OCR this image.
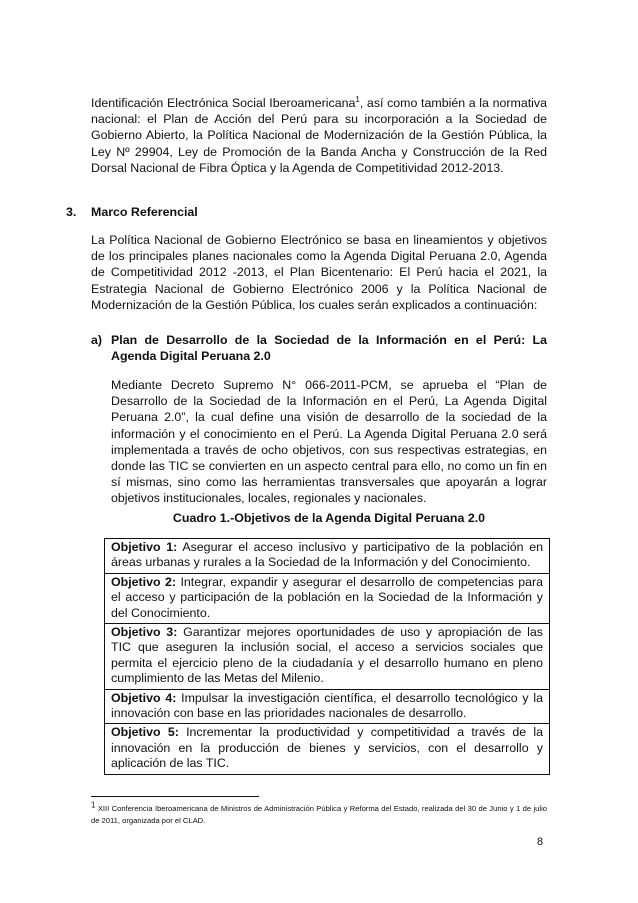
Identificación Electrónica Social Iberoamericana$^1$, así como también a la normativa nacional: el Plan de Acción del Perú para su incorporación a la Sociedad de Gobierno Abierto, la Política Nacional de Modernización de la Gestión Pública, la Ley Nº 29904, Ley de Promoción de la Banda Ancha y Construcción de la Red Dorsal Nacional de Fibra Óptica y la Agenda de Competitividad 2012-2013.

3. Marco Referencial

La Política Nacional de Gobierno Electrónico se basa en lineamientos y objetivos de los principales planes nacionales como la Agenda Digital Peruana 2.0, Agenda de Competitividad 2012 -2013, el Plan Bicentenario: El Perú hacia el 2021, la Estrategia Nacional de Gobierno Electrónico 2006 y la Política Nacional de Modernización de la Gestión Pública, los cuales serán explicados a continuación:

a) Plan de Desarrollo de la Sociedad de la Información en el Perú: La Agenda Digital Peruana 2.0

Mediante Decreto Supremo N° 066-2011-PCM, se aprueba el “Plan de Desarrollo de la Sociedad de la Información en el Perú, La Agenda Digital Peruana 2.0”, la cual define una visión de desarrollo de la sociedad de la información y el conocimiento en el Perú. La Agenda Digital Peruana 2.0 será implementada a través de ocho objetivos, con sus respectivas estrategias, en donde las TIC se convierten en un aspecto central para ello, no como un fin en sí mismas, sino como las herramientas transversales que apoyarán a lograr objetivos institucionales, locales, regionales y nacionales.

Cuadro 1.-Objetivos de la Agenda Digital Peruana 2.0
Objetivo 1: Asegurar el acceso inclusivo y participativo de la población en áreas urbanas y rurales a la Sociedad de la Información y del Conocimiento.
Objetivo 2: Integrar, expandir y asegurar el desarrollo de competencias para el acceso y participación de la población en la Sociedad de la Información y del Conocimiento.
Objetivo 3: Garantizar mejores oportunidades de uso y apropiación de las TIC que aseguren la inclusión social, el acceso a servicios sociales que permita el ejercicio pleno de la ciudadanía y el desarrollo humano en pleno cumplimiento de las Metas del Milenio.
Objetivo 4: Impulsar la investigación científica, el desarrollo tecnológico y la innovación con base en las prioridades nacionales de desarrollo.
Objetivo 5: Incrementar la productividad y competitividad a través de la innovación en la producción de bienes y servicios, con el desarrollo y aplicación de las TIC.

$^1$ XIII Conferencia Iberoamericana de Ministros de Administración Pública y Reforma del Estado, realizada del 30 de Junio y 1 de julio de 2011, organizada por el CLAD.

8
